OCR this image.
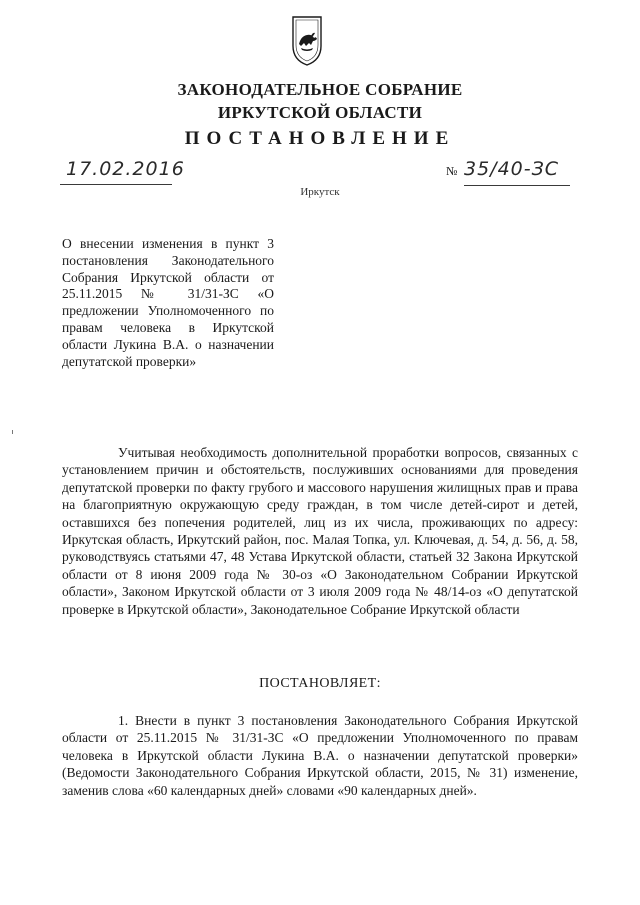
ЗАКОНОДАТЕЛЬНОЕ СОБРАНИЕ
ИРКУТСКОЙ ОБЛАСТИ
ПОСТАНОВЛЕНИЕ
17.02.2016	№ 35/40-ЗС
Иркутск
О внесении изменения в пункт 3 постановления Законодательного Собрания Иркутской области от 25.11.2015 № 31/31-ЗС «О предложении Уполномоченного по правам человека в Иркутской области Лукина В.А. о назначении депутатской проверки»
Учитывая необходимость дополнительной проработки вопросов, связанных с установлением причин и обстоятельств, послуживших основаниями для проведения депутатской проверки по факту грубого и массового нарушения жилищных прав и права на благоприятную окружающую среду граждан, в том числе детей-сирот и детей, оставшихся без попечения родителей, лиц из их числа, проживающих по адресу: Иркутская область, Иркутский район, пос. Малая Топка, ул. Ключевая, д. 54, д. 56, д. 58, руководствуясь статьями 47, 48 Устава Иркутской области, статьей 32 Закона Иркутской области от 8 июня 2009 года № 30-оз «О Законодательном Собрании Иркутской области», Законом Иркутской области от 3 июля 2009 года № 48/14-оз «О депутатской проверке в Иркутской области», Законодательное Собрание Иркутской области
ПОСТАНОВЛЯЕТ:
1. Внести в пункт 3 постановления Законодательного Собрания Иркутской области от 25.11.2015 № 31/31-ЗС «О предложении Уполномоченного по правам человека в Иркутской области Лукина В.А. о назначении депутатской проверки» (Ведомости Законодательного Собрания Иркутской области, 2015, № 31) изменение, заменив слова «60 календарных дней» словами «90 календарных дней».
